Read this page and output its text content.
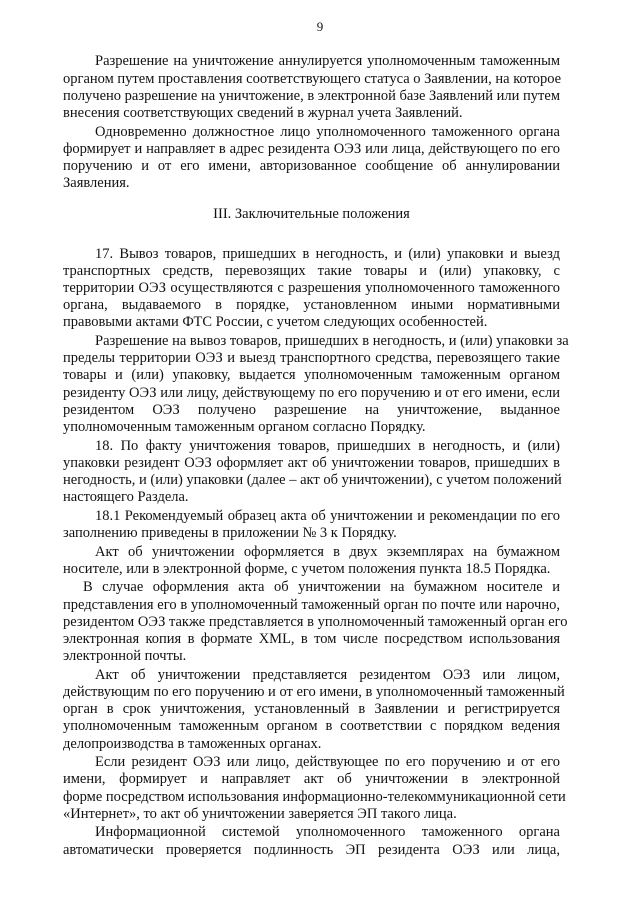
9
Разрешение на уничтожение аннулируется уполномоченным таможенным
органом путем проставления соответствующего статуса о Заявлении, на которое
получено разрешение на уничтожение, в электронной базе Заявлений или путем
внесения соответствующих сведений в журнал учета Заявлений.
Одновременно должностное лицо уполномоченного таможенного органа
формирует и направляет в адрес резидента ОЭЗ или лица, действующего по его
поручению и от его имени, авторизованное сообщение об аннулировании
Заявления.
III. Заключительные положения
17. Вывоз товаров, пришедших в негодность, и (или) упаковки и выезд
транспортных средств, перевозящих такие товары и (или) упаковку, с
территории ОЭЗ осуществляются с разрешения уполномоченного таможенного
органа, выдаваемого в порядке, установленном иными нормативными
правовыми актами ФТС России, с учетом следующих особенностей.
Разрешение на вывоз товаров, пришедших в негодность, и (или) упаковки за
пределы территории ОЭЗ и выезд транспортного средства, перевозящего такие
товары и (или) упаковку, выдается уполномоченным таможенным органом
резиденту ОЭЗ или лицу, действующему по его поручению и от его имени, если
резидентом ОЭЗ получено разрешение на уничтожение, выданное
уполномоченным таможенным органом согласно Порядку.
18. По факту уничтожения товаров, пришедших в негодность, и (или)
упаковки резидент ОЭЗ оформляет акт об уничтожении товаров, пришедших в
негодность, и (или) упаковки (далее – акт об уничтожении), с учетом положений
настоящего Раздела.
18.1 Рекомендуемый образец акта об уничтожении и рекомендации по его
заполнению приведены в приложении № 3 к Порядку.
Акт об уничтожении оформляется в двух экземплярах на бумажном
носителе, или в электронной форме, с учетом положения пункта 18.5 Порядка.
В случае оформления акта об уничтожении на бумажном носителе и
представления его в уполномоченный таможенный орган по почте или нарочно,
резидентом ОЭЗ также представляется в уполномоченный таможенный орган его
электронная копия в формате XML, в том числе посредством использования
электронной почты.
Акт об уничтожении представляется резидентом ОЭЗ или лицом,
действующим по его поручению и от его имени, в уполномоченный таможенный
орган в срок уничтожения, установленный в Заявлении и регистрируется
уполномоченным таможенным органом в соответствии с порядком ведения
делопроизводства в таможенных органах.
Если резидент ОЭЗ или лицо, действующее по его поручению и от его
имени, формирует и направляет акт об уничтожении в электронной
форме посредством использования информационно-телекоммуникационной сети
«Интернет», то акт об уничтожении заверяется ЭП такого лица.
Информационной системой уполномоченного таможенного органа
автоматически проверяется подлинность ЭП резидента ОЭЗ или лица,
